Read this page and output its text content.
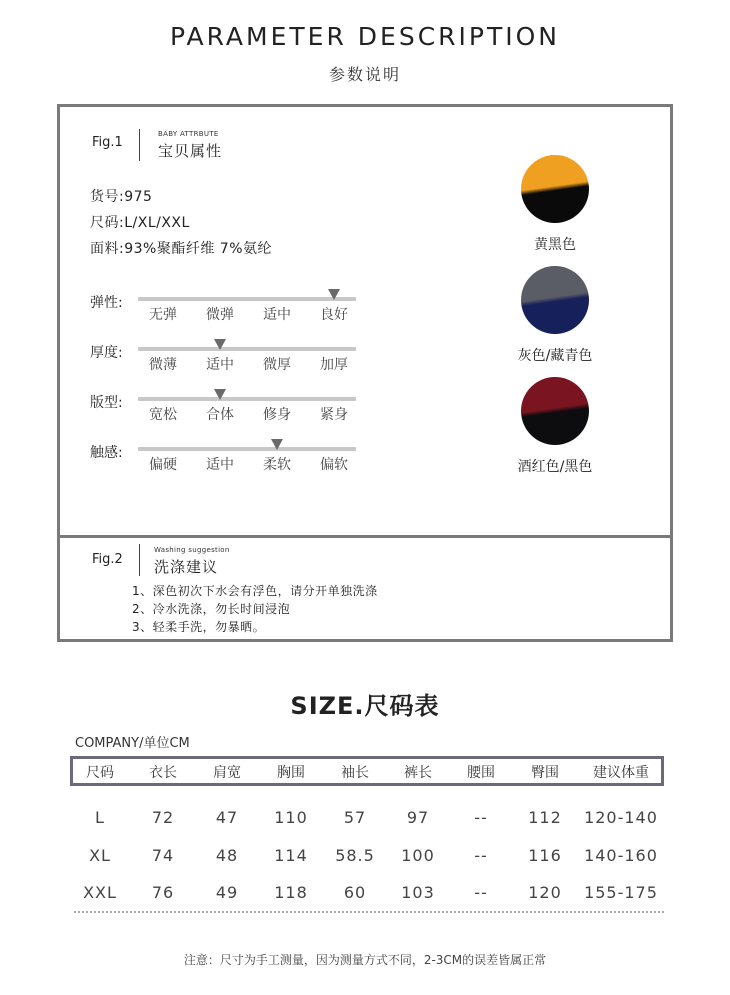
PARAMETER DESCRIPTION
参数说明
Fig.1
BABY ATTRBUTE
宝贝属性
货号:975
尺码:L/XL/XXL
面料:93%聚酯纤维 7%氨纶
弹性:
无弹	微弹	适中	良好
厚度:
微薄	适中	微厚	加厚
版型:
宽松	合体	修身	紧身
触感:
偏硬	适中	柔软	偏软
黄黑色
灰色/藏青色
酒红色/黑色
Fig.2
Washing suggestion
洗涤建议
1、深色初次下水会有浮色，请分开单独洗涤
2、冷水洗涤，勿长时间浸泡
3、轻柔手洗，勿暴晒。
SIZE.尺码表
COMPANY/单位CM
尺码	衣长	肩宽	胸围	袖长	裤长	腰围	臀围	建议体重
L	72	47	110	57	97	--	112	120-140
XL	74	48	114	58.5	100	--	116	140-160
XXL	76	49	118	60	103	--	120	155-175
注意：尺寸为手工测量，因为测量方式不同，2-3CM的误差皆属正常
